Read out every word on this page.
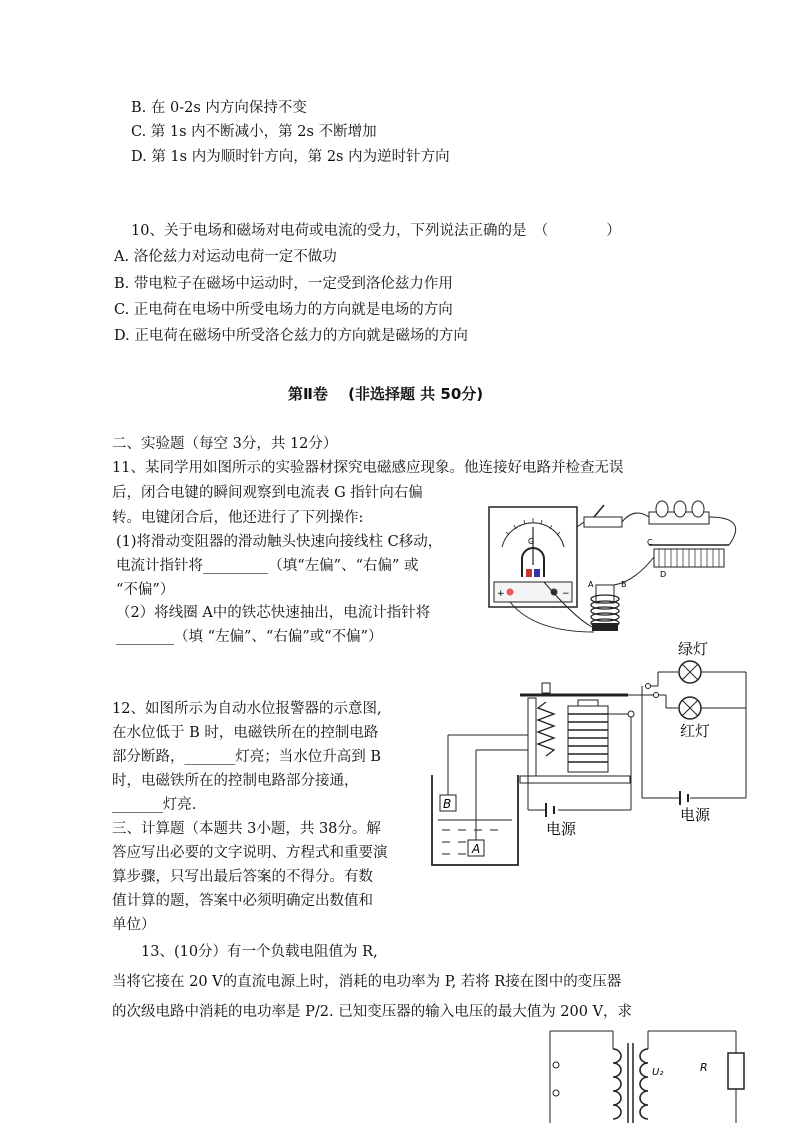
B. 在 0-2s 内方向保持不变
C. 第 1s 内不断减小，第 2s 不断增加
D. 第 1s 内为顺时针方向，第 2s 内为逆时针方向
10、关于电场和磁场对电荷或电流的受力，下列说法正确的是　（　　　　）
A. 洛伦兹力对运动电荷一定不做功
B. 带电粒子在磁场中运动时，一定受到洛伦兹力作用
C. 正电荷在电场中所受电场力的方向就是电场的方向
D. 正电荷在磁场中所受洛仑兹力的方向就是磁场的方向
第Ⅱ卷　 (非选择题 共 50分)
二、实验题（每空 3分，共 12分）
11、某同学用如图所示的实验器材探究电磁感应现象。他连接好电路并检查无误
后，闭合电键的瞬间观察到电流表 G 指针向右偏
转。电键闭合后，他还进行了下列操作:
(1)将滑动变阻器的滑动触头快速向接线柱 C移动，
电流计指针将_________（填“左偏”、“右偏” 或
“不偏”）
（2）将线圈 A中的铁芯快速抽出，电流计指针将
________（填 “左偏”、“右偏”或“不偏”）
G
+	−
C
D
A	B
12、如图所示为自动水位报警器的示意图,
在水位低于 B 时，电磁铁所在的控制电路
部分断路，_______灯亮；当水位升高到 B
时，电磁铁所在的控制电路部分接通，
_______灯亮.	B
A
电源
绿灯
红灯
电源
三、计算题（本题共 3小题，共 38分。解
答应写出必要的文字说明、方程式和重要演
算步骤，只写出最后答案的不得分。有数
值计算的题，答案中必须明确定出数值和
单位）
　　13、(10分）有一个负载电阻值为 R,
当将它接在 20 V的直流电源上时，消耗的电功率为 P, 若将 R接在图中的变压器
的次级电路中消耗的电功率是 P/2. 已知变压器的输入电压的最大值为 200 V，求
U₂	R
